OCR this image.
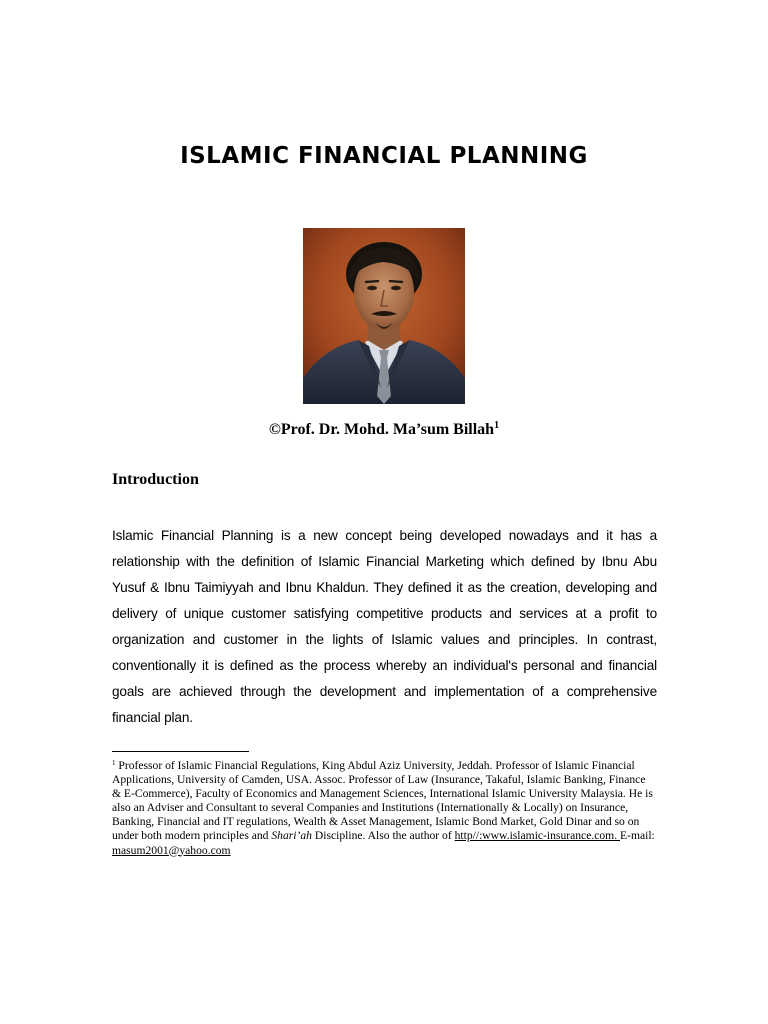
ISLAMIC FINANCIAL PLANNING
©Prof. Dr. Mohd. Ma’sum Billah$^1$
Introduction
Islamic Financial Planning is a new concept being developed nowadays and it has a relationship with the definition of Islamic Financial Marketing which defined by Ibnu Abu Yusuf & Ibnu Taimiyyah and Ibnu Khaldun. They defined it as the creation, developing and delivery of unique customer satisfying competitive products and services at a profit to organization and customer in the lights of Islamic values and principles. In contrast, conventionally it is defined as the process whereby an individual's personal and financial goals are achieved through the development and implementation of a comprehensive financial plan.
$^1$ Professor of Islamic Financial Regulations, King Abdul Aziz University, Jeddah. Professor of Islamic Financial Applications, University of Camden, USA. Assoc. Professor of Law (Insurance, Takaful, Islamic Banking, Finance & E-Commerce), Faculty of Economics and Management Sciences, International Islamic University Malaysia. He is also an Adviser and Consultant to several Companies and Institutions (Internationally & Locally) on Insurance, Banking, Financial and IT regulations, Wealth & Asset Management, Islamic Bond Market, Gold Dinar and so on under both modern principles and Shari’ah Discipline. Also the author of http//:www.islamic-insurance.com. E-mail: masum2001@yahoo.com
